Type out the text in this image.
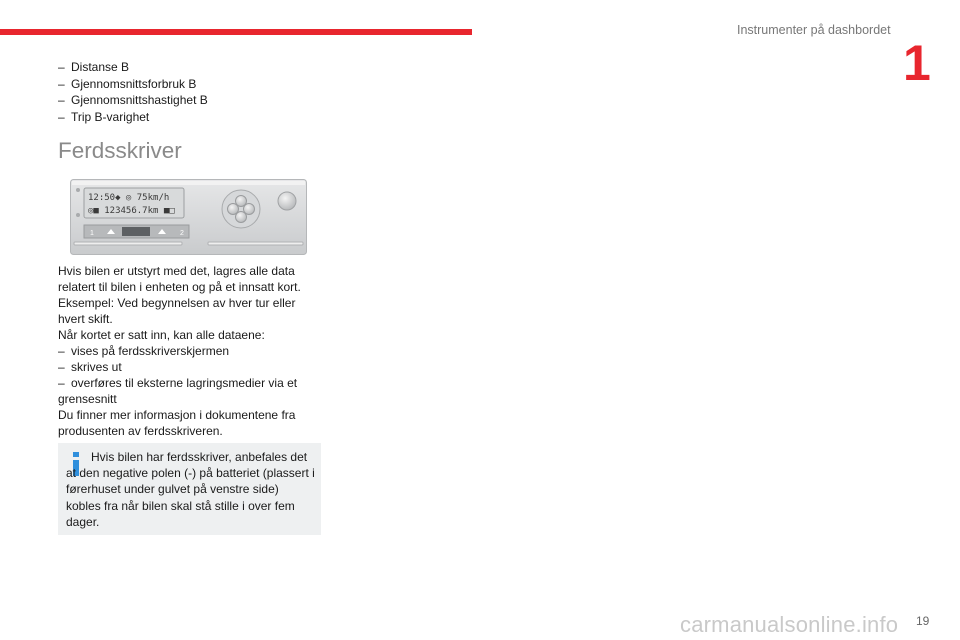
Instrumenter på dashbordet
1
– Distanse B
– Gjennomsnittsforbruk B
– Gjennomsnittshastighet B
– Trip B-varighet
Ferdsskriver
12:50◆ ◎ 75km/h
◎■ 123456.7km ■□
1	2

Hvis bilen er utstyrt med det, lagres alle data relatert til bilen i enheten og på et innsatt kort.

Eksempel: Ved begynnelsen av hver tur eller hvert skift.

Når kortet er satt inn, kan alle dataene:

– vises på ferdsskriverskjermen

– skrives ut

– overføres til eksterne lagringsmedier via et grensesnitt

Du finner mer informasjon i dokumentene fra produsenten av ferdsskriveren.

Hvis bilen har ferdsskriver, anbefales det at den negative polen (-) på batteriet (plassert i førerhuset under gulvet på venstre side) kobles fra når bilen skal stå stille i over fem dager.
carmanualsonline.info 19
